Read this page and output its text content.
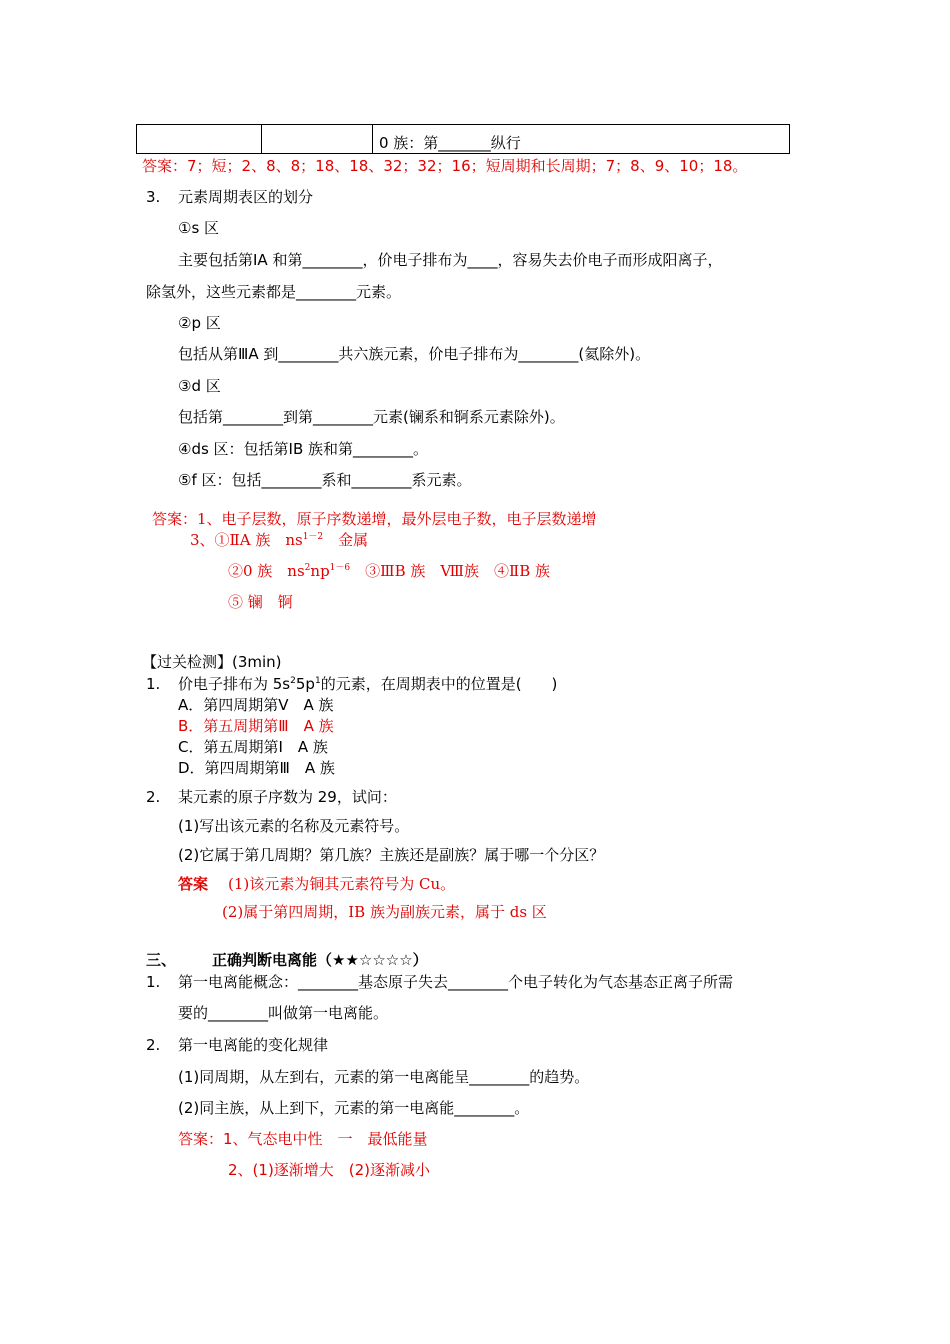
		0 族：第_______纵行
答案：7；短；2、8、8；18、18、32；32；16；短周期和长周期；7；8、9、10；18。
3. 元素周期表区的划分
①s 区
主要包括第ⅠA 和第________，价电子排布为____，容易失去价电子而形成阳离子，
除氢外，这些元素都是________元素。
②p 区
包括从第ⅢA 到________共六族元素，价电子排布为________(氦除外)。
③d 区
包括第________到第________元素(镧系和锕系元素除外)。
④ds 区：包括第ⅠB 族和第________。
⑤f 区：包括________系和________系元素。
答案：1、电子层数，原子序数递增，最外层电子数，电子层数递增
3、①ⅡA 族　$ns^{1-2}$　金属
②0 族　$ns^2np^{1-6}$　③ⅢB 族　Ⅷ族　④ⅡB 族
⑤ 镧　锕
【过关检测】(3min)
1. 价电子排布为 $5s^25p^1$的元素，在周期表中的位置是(　　)
A．第四周期第Ⅴ　A 族
B．第五周期第Ⅲ　A 族
C．第五周期第Ⅰ　A 族
D．第四周期第Ⅲ　A 族
2. 某元素的原子序数为 29，试问：
(1)写出该元素的名称及元素符号。
(2)它属于第几周期？第几族？主族还是副族？属于哪一个分区？
答案 (1)该元素为铜其元素符号为 Cu。
(2)属于第四周期，ⅠB 族为副族元素，属于 ds 区
三、 正确判断电离能（★★☆☆☆☆）
1. 第一电离能概念：________基态原子失去________个电子转化为气态基态正离子所需
要的________叫做第一电离能。
2. 第一电离能的变化规律
(1)同周期，从左到右，元素的第一电离能呈________的趋势。
(2)同主族，从上到下，元素的第一电离能________。
答案：1、气态电中性　一　最低能量
2、(1)逐渐增大　(2)逐渐减小
